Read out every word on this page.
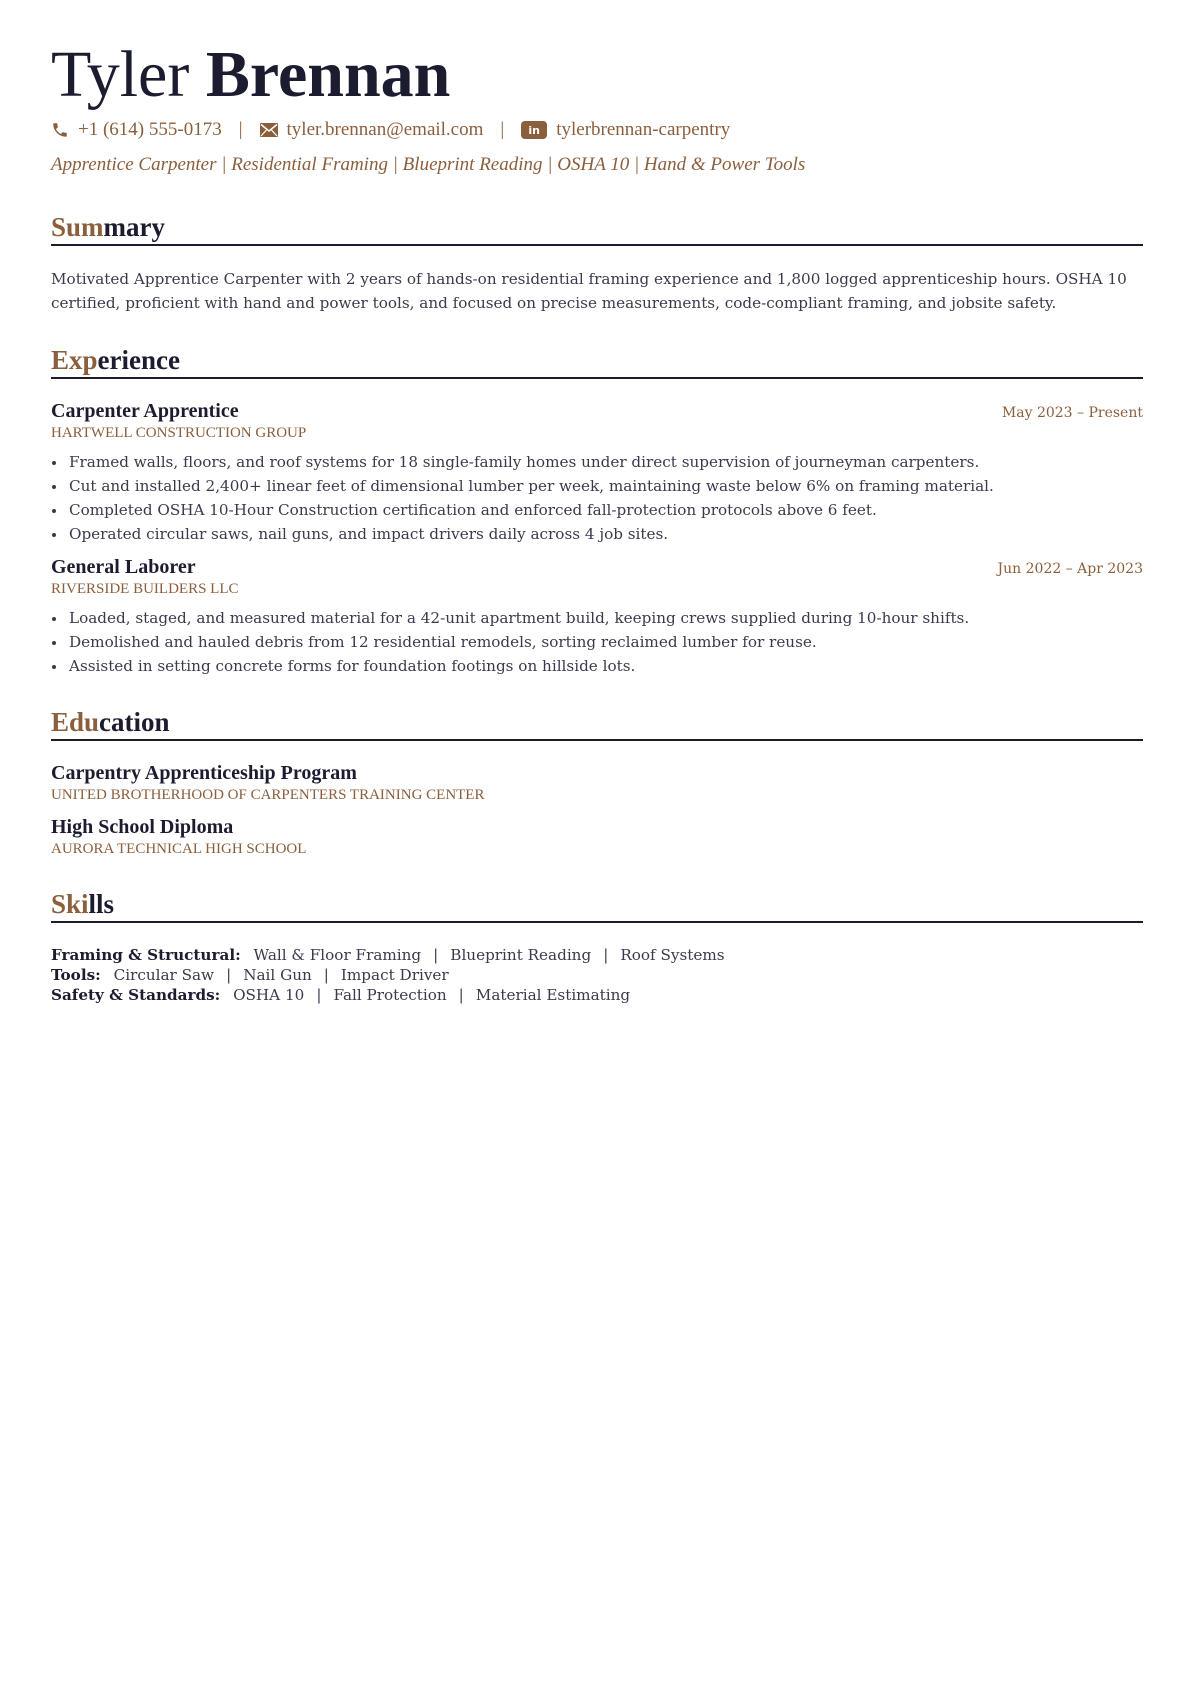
Tyler Brennan
+1 (614) 555-0173 | tyler.brennan@email.com |	in tylerbrennan-carpentry
Apprentice Carpenter | Residential Framing | Blueprint Reading | OSHA 10 | Hand & Power Tools
Summary
Motivated Apprentice Carpenter with 2 years of hands-on residential framing experience and 1,800 logged apprenticeship hours. OSHA 10 certified, proficient with hand and power tools, and focused on precise measurements, code-compliant framing, and jobsite safety.
Experience
Carpenter Apprentice	May 2023 – Present
HARTWELL CONSTRUCTION GROUP
Framed walls, floors, and roof systems for 18 single-family homes under direct supervision of journeyman carpenters.
Cut and installed 2,400+ linear feet of dimensional lumber per week, maintaining waste below 6% on framing material.
Completed OSHA 10-Hour Construction certification and enforced fall-protection protocols above 6 feet.
Operated circular saws, nail guns, and impact drivers daily across 4 job sites.
General Laborer	Jun 2022 – Apr 2023
RIVERSIDE BUILDERS LLC
Loaded, staged, and measured material for a 42-unit apartment build, keeping crews supplied during 10-hour shifts.
Demolished and hauled debris from 12 residential remodels, sorting reclaimed lumber for reuse.
Assisted in setting concrete forms for foundation footings on hillside lots.
Education
Carpentry Apprenticeship Program
UNITED BROTHERHOOD OF CARPENTERS TRAINING CENTER
High School Diploma
AURORA TECHNICAL HIGH SCHOOL
Skills
Framing & Structural: Wall & Floor Framing | Blueprint Reading | Roof Systems
Tools: Circular Saw | Nail Gun | Impact Driver
Safety & Standards: OSHA 10 | Fall Protection | Material Estimating
